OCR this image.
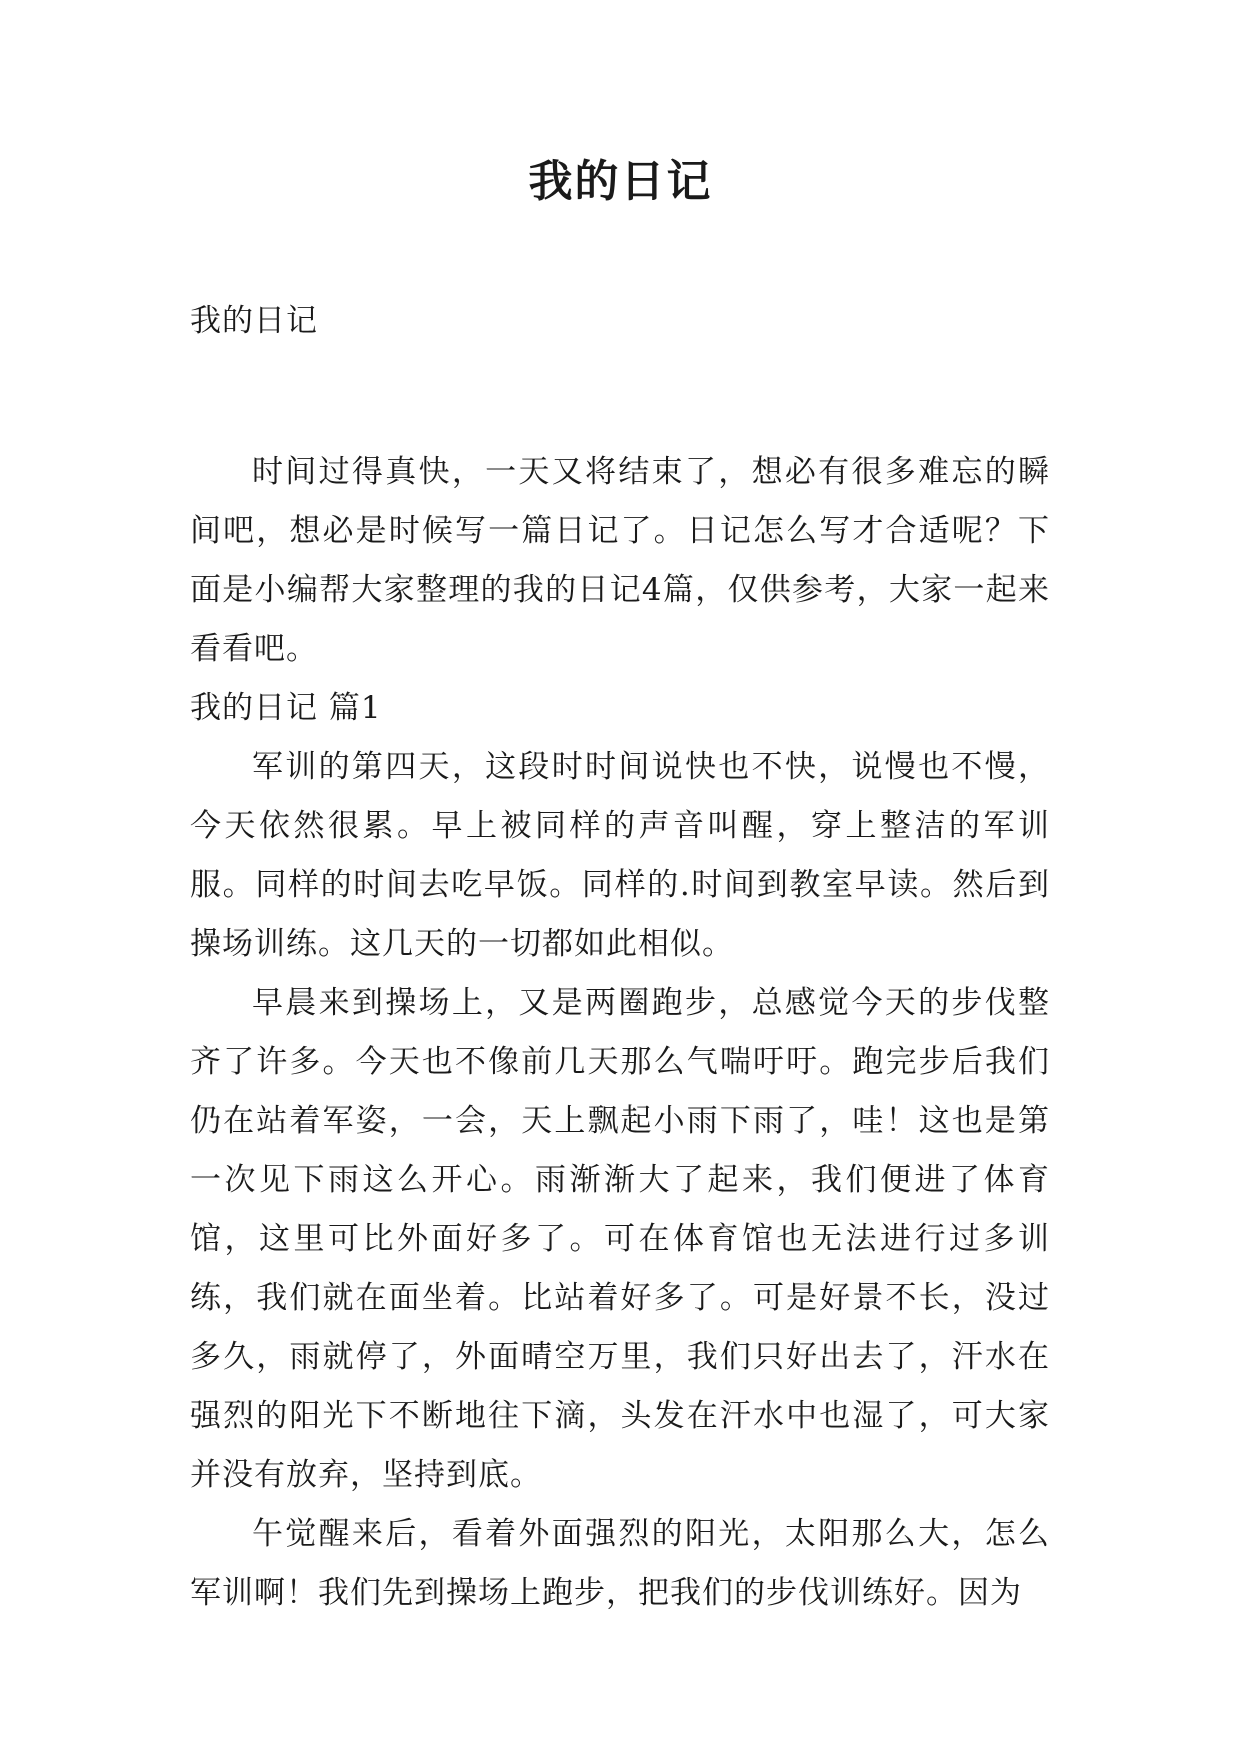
我的日记

我的日记

时间过得真快，一天又将结束了，想必有很多难忘的瞬间吧，想必是时候写一篇日记了。日记怎么写才合适呢？下面是小编帮大家整理的我的日记4篇，仅供参考，大家一起来看看吧。

我的日记 篇1

军训的第四天，这段时时间说快也不快，说慢也不慢，今天依然很累。早上被同样的声音叫醒，穿上整洁的军训服。同样的时间去吃早饭。同样的.时间到教室早读。然后到操场训练。这几天的一切都如此相似。

早晨来到操场上，又是两圈跑步，总感觉今天的步伐整齐了许多。今天也不像前几天那么气喘吁吁。跑完步后我们仍在站着军姿，一会，天上飘起小雨下雨了，哇！这也是第一次见下雨这么开心。雨渐渐大了起来，我们便进了体育馆，这里可比外面好多了。可在体育馆也无法进行过多训练，我们就在面坐着。比站着好多了。可是好景不长，没过多久，雨就停了，外面晴空万里，我们只好出去了，汗水在强烈的阳光下不断地往下滴，头发在汗水中也湿了，可大家并没有放弃，坚持到底。

午觉醒来后，看着外面强烈的阳光，太阳那么大，怎么军训啊！我们先到操场上跑步，把我们的步伐训练好。因为
